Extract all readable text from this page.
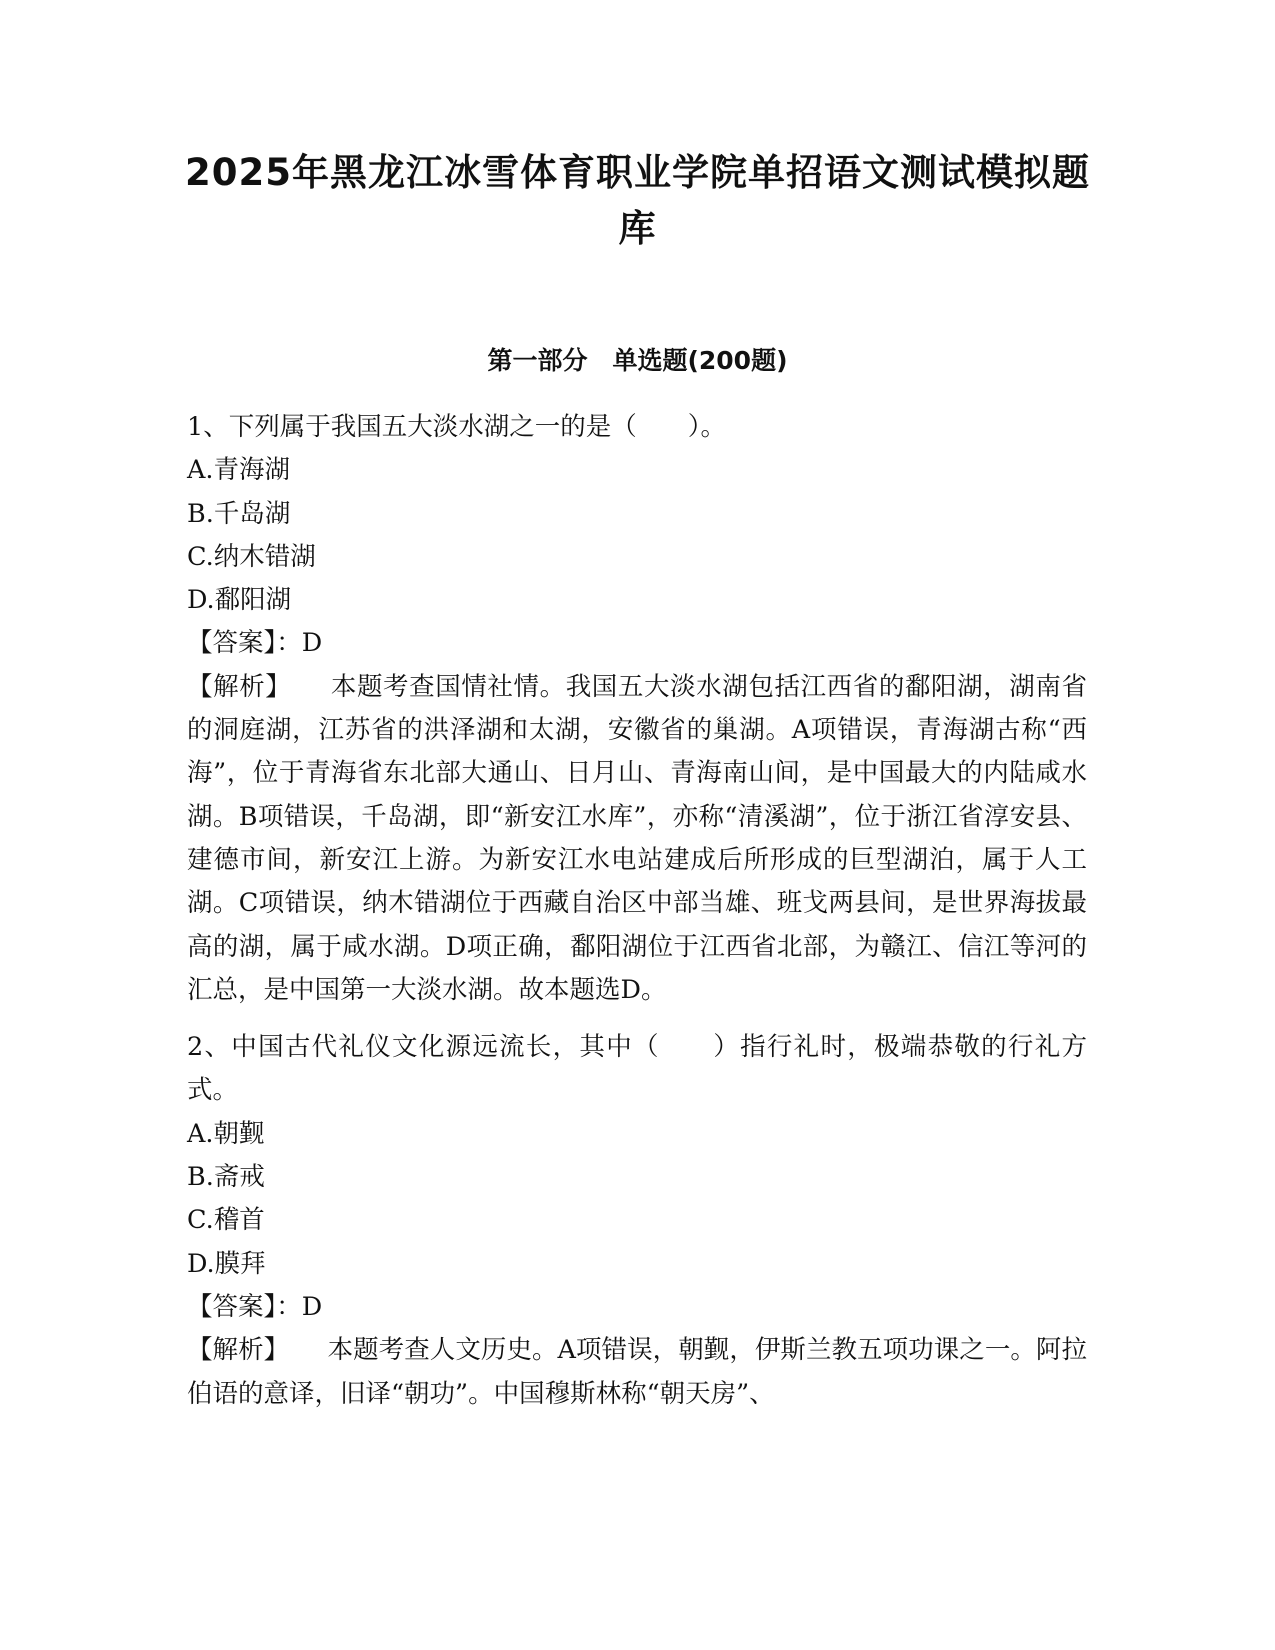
2025年黑龙江冰雪体育职业学院单招语文测试模拟题库
第一部分　单选题(200题)
1、下列属于我国五大淡水湖之一的是（　　）。
A.青海湖
B.千岛湖
C.纳木错湖
D.鄱阳湖
【答案】：D
【解析】　　 本题考查国情社情。我国五大淡水湖包括江西省的鄱阳湖，湖南省的洞庭湖，江苏省的洪泽湖和太湖，安徽省的巢湖。A项错误，青海湖古称“西海”，位于青海省东北部大通山、日月山、青海南山间，是中国最大的内陆咸水湖。B项错误，千岛湖，即“新安江水库”，亦称“清溪湖”，位于浙江省淳安县、建德市间，新安江上游。为新安江水电站建成后所形成的巨型湖泊，属于人工湖。C项错误，纳木错湖位于西藏自治区中部当雄、班戈两县间，是世界海拔最高的湖，属于咸水湖。D项正确，鄱阳湖位于江西省北部，为赣江、信江等河的汇总，是中国第一大淡水湖。故本题选D。
2、中国古代礼仪文化源远流长，其中（　　）指行礼时，极端恭敬的行礼方式。
A.朝觐
B.斋戒
C.稽首
D.膜拜
【答案】：D
【解析】　　 本题考查人文历史。A项错误，朝觐，伊斯兰教五项功课之一。阿拉伯语的意译，旧译“朝功”。中国穆斯林称“朝天房”、
